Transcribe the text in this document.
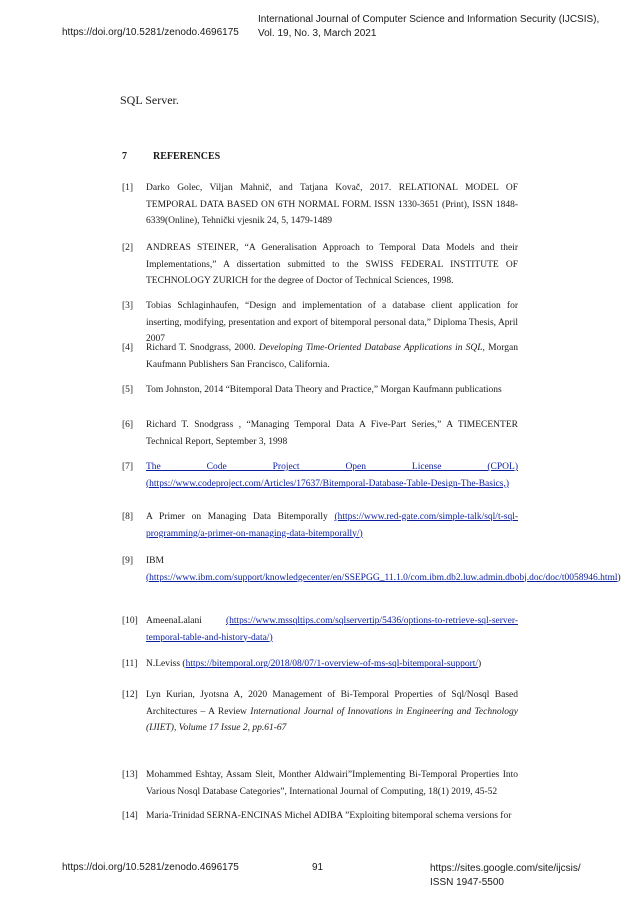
https://doi.org/10.5281/zenodo.4696175
International Journal of Computer Science and Information Security (IJCSIS),
Vol. 19, No. 3, March 2021
SQL Server.
7	REFERENCES
[1] Darko Golec, Viljan Mahnič, and Tatjana Kovač, 2017. RELATIONAL MODEL OF TEMPORAL DATA BASED ON 6TH NORMAL FORM. ISSN 1330-3651 (Print), ISSN 1848-6339(Online), Tehnički vjesnik 24, 5, 1479-1489
[2] ANDREAS STEINER, “A Generalisation Approach to Temporal Data Models and their Implementations,” A dissertation submitted to the SWISS FEDERAL INSTITUTE OF TECHNOLOGY ZURICH for the degree of Doctor of Technical Sciences, 1998.
[3] Tobias Schlaginhaufen, “Design and implementation of a database client application for inserting, modifying, presentation and export of bitemporal personal data,” Diploma Thesis, April 2007
[4] Richard T. Snodgrass, 2000. Developing Time-Oriented Database Applications in SQL, Morgan Kaufmann Publishers San Francisco, California.
[5] Tom Johnston, 2014 “Bitemporal Data Theory and Practice,” Morgan Kaufmann publications
[6] Richard T. Snodgrass , “Managing Temporal Data A Five-Part Series,” A TIMECENTER Technical Report, September 3, 1998
[7] The Code Project Open License (CPOL) (https://www.codeproject.com/Articles/17637/Bitemporal-Database-Table-Design-The-Basics,)
[8] A Primer on Managing Data Bitemporally (https://www.red-gate.com/simple-talk/sql/t-sql-programming/a-primer-on-managing-data-bitemporally/)
[9] IBM
(https://www.ibm.com/support/knowledgecenter/en/SSEPGG_11.1.0/com.ibm.db2.luw.admin.dbobj.doc/doc/t0058946.html)
[10] AmeenaLalani (https://www.mssqltips.com/sqlservertip/5436/options-to-retrieve-sql-server-temporal-table-and-history-data/)
[11] N.Leviss (https://bitemporal.org/2018/08/07/1-overview-of-ms-sql-bitemporal-support/)
[12] Lyn Kurian, Jyotsna A, 2020 Management of Bi-Temporal Properties of Sql/Nosql Based Architectures – A Review International Journal of Innovations in Engineering and Technology (IJIET), Volume 17 Issue 2, pp.61-67
[13] Mohammed Eshtay, Assam Sleit, Monther Aldwairi”Implementing Bi-Temporal Properties Into Various Nosql Database Categories”, International Journal of Computing, 18(1) 2019, 45-52
[14] Maria-Trinidad SERNA-ENCINAS Michel ADIBA ”Exploiting bitemporal schema versions for
https://doi.org/10.5281/zenodo.4696175	91	https://sites.google.com/site/ijcsis/
ISSN 1947-5500
